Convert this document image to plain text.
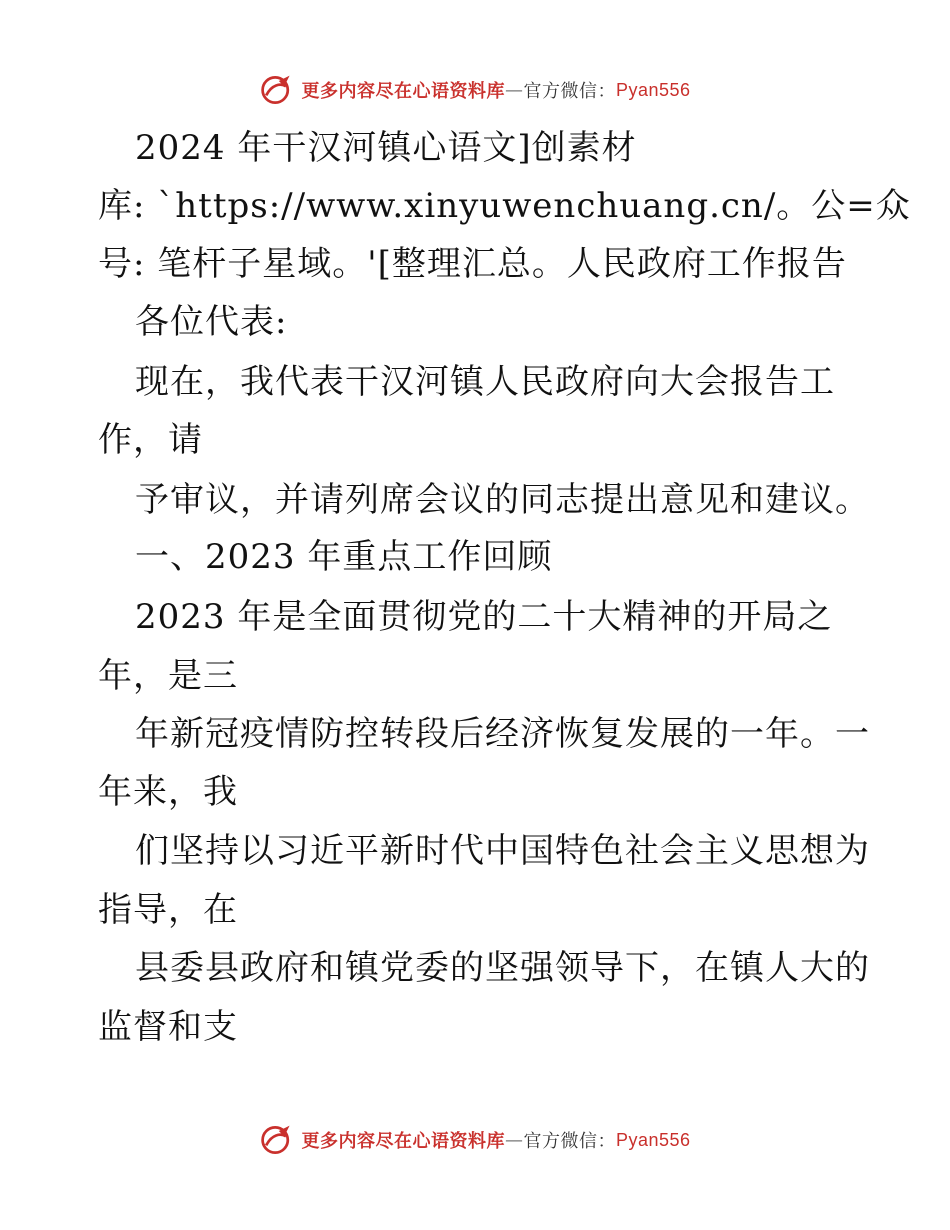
更多内容尽在心语资料库 — 官方微信： Pyan556
2024 年干汉河镇心语文]创素材
库: `https://www.xinyuwenchuang.cn/。公=众
号: 笔杆子星域。'[整理汇总。人民政府工作报告
各位代表:
现在，我代表干汉河镇人民政府向大会报告工
作，请
予审议，并请列席会议的同志提出意见和建议。
一、2023 年重点工作回顾
2023 年是全面贯彻党的二十大精神的开局之
年，是三
年新冠疫情防控转段后经济恢复发展的一年。一
年来，我
们坚持以习近平新时代中国特色社会主义思想为
指导，在
县委县政府和镇党委的坚强领导下，在镇人大的
监督和支
更多内容尽在心语资料库 — 官方微信： Pyan556
